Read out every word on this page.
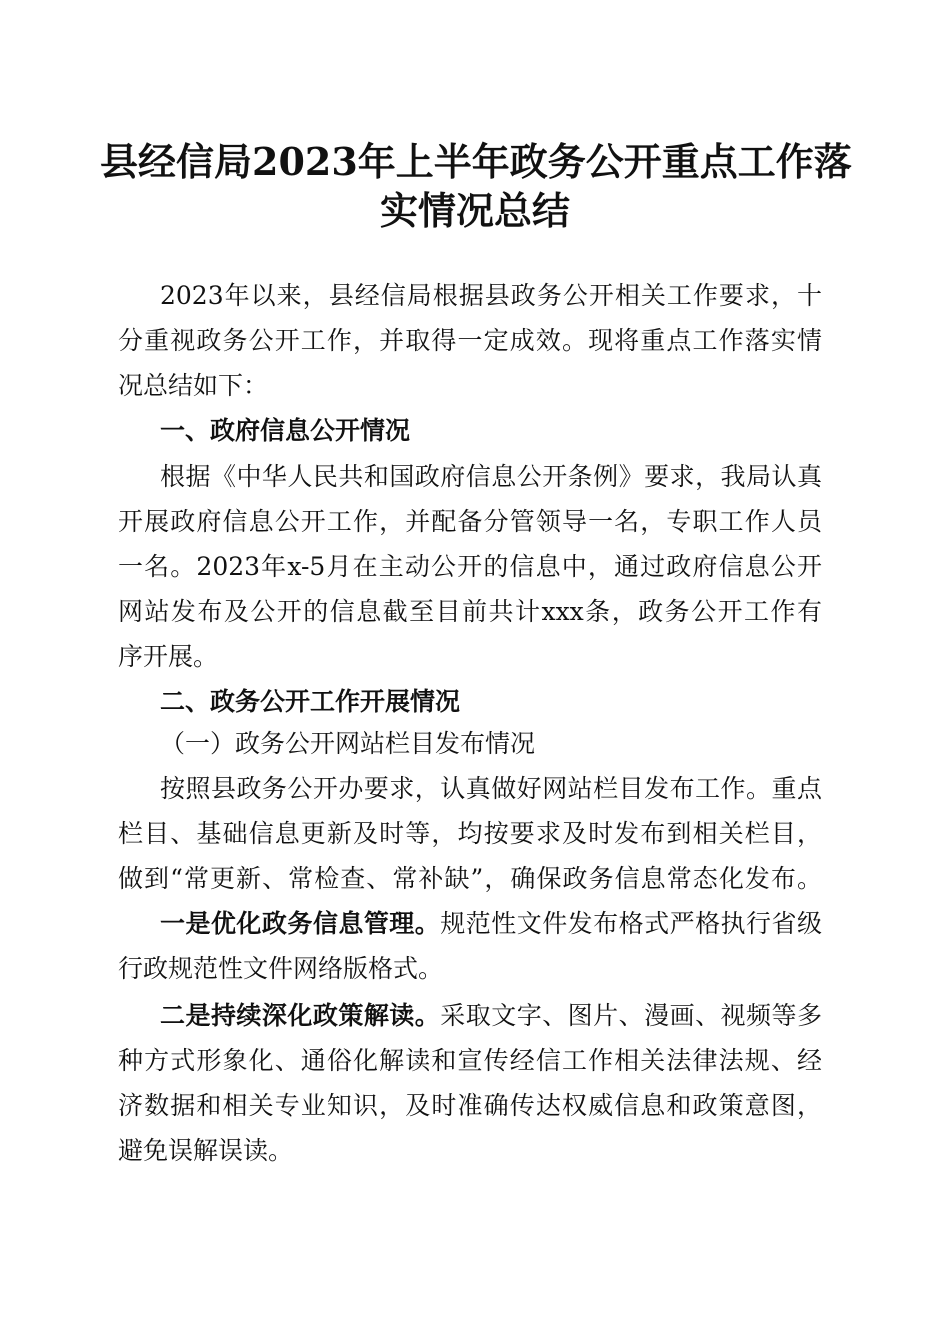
县经信局2023年上半年政务公开重点工作落
实情况总结
2023年以来，县经信局根据县政务公开相关工作要求，十
分重视政务公开工作，并取得一定成效。现将重点工作落实情
况总结如下：
一、政府信息公开情况
根据《中华人民共和国政府信息公开条例》要求，我局认真
开展政府信息公开工作，并配备分管领导一名，专职工作人员
一名。2023年x-5月在主动公开的信息中，通过政府信息公开
网站发布及公开的信息截至目前共计xxx条，政务公开工作有
序开展。
二、政务公开工作开展情况
（一）政务公开网站栏目发布情况
按照县政务公开办要求，认真做好网站栏目发布工作。重点
栏目、基础信息更新及时等，均按要求及时发布到相关栏目，
做到“常更新、常检查、常补缺”，确保政务信息常态化发布。
一是优化政务信息管理。规范性文件发布格式严格执行省级
行政规范性文件网络版格式。
二是持续深化政策解读。采取文字、图片、漫画、视频等多
种方式形象化、通俗化解读和宣传经信工作相关法律法规、经
济数据和相关专业知识，及时准确传达权威信息和政策意图，
避免误解误读。
